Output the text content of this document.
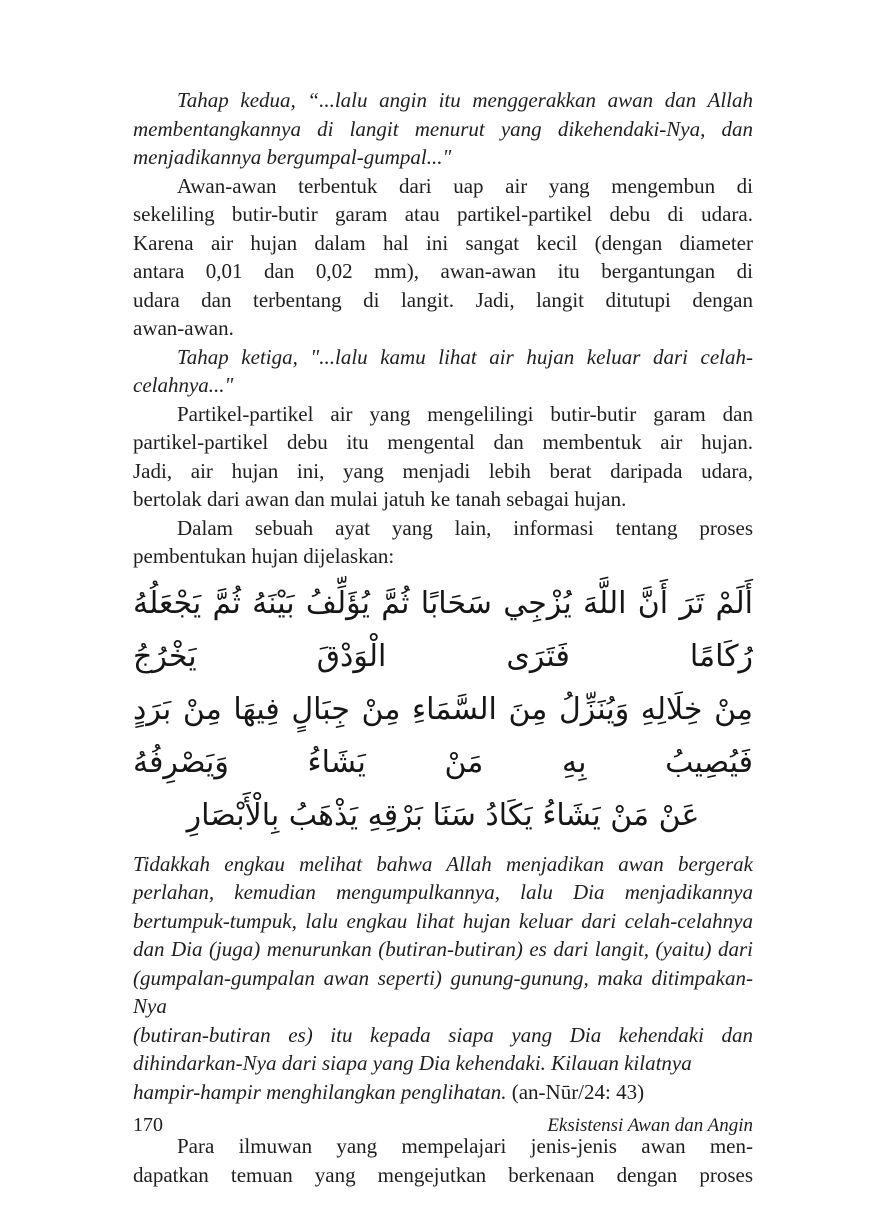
Tahap kedua, “...lalu angin itu menggerakkan awan dan Allah
membentangkannya di langit menurut yang dikehendaki-Nya, dan
menjadikannya bergumpal-gumpal..."
Awan-awan terbentuk dari uap air yang mengembun di
sekeliling butir-butir garam atau partikel-partikel debu di udara.
Karena air hujan dalam hal ini sangat kecil (dengan diameter
antara 0,01 dan 0,02 mm), awan-awan itu bergantungan di
udara dan terbentang di langit. Jadi, langit ditutupi dengan
awan-awan.
Tahap ketiga, "...lalu kamu lihat air hujan keluar dari celah-
celahnya..."
Partikel-partikel air yang mengelilingi butir-butir garam dan
partikel-partikel debu itu mengental dan membentuk air hujan.
Jadi, air hujan ini, yang menjadi lebih berat daripada udara,
bertolak dari awan dan mulai jatuh ke tanah sebagai hujan.
Dalam sebuah ayat yang lain, informasi tentang proses
pembentukan hujan dijelaskan:
أَلَمْ تَرَ أَنَّ اللَّهَ يُزْجِي سَحَابًا ثُمَّ يُؤَلِّفُ بَيْنَهُ ثُمَّ يَجْعَلُهُ رُكَامًا فَتَرَى الْوَدْقَ يَخْرُجُ
مِنْ خِلَالِهِ وَيُنَزِّلُ مِنَ السَّمَاءِ مِنْ جِبَالٍ فِيهَا مِنْ بَرَدٍ فَيُصِيبُ بِهِ مَنْ يَشَاءُ وَيَصْرِفُهُ
عَنْ مَنْ يَشَاءُ يَكَادُ سَنَا بَرْقِهِ يَذْهَبُ بِالْأَبْصَارِ
Tidakkah engkau melihat bahwa Allah menjadikan awan bergerak
perlahan, kemudian mengumpulkannya, lalu Dia menjadikannya
bertumpuk-tumpuk, lalu engkau lihat hujan keluar dari celah-celahnya
dan Dia (juga) menurunkan (butiran-butiran) es dari langit, (yaitu) dari
(gumpalan-gumpalan awan seperti) gunung-gunung, maka ditimpakan-Nya
(butiran-butiran es) itu kepada siapa yang Dia kehendaki dan
dihindarkan-Nya dari siapa yang Dia kehendaki. Kilauan kilatnya
hampir-hampir menghilangkan penglihatan. (an-Nūr/24: 43)
Para ilmuwan yang mempelajari jenis-jenis awan men-
dapatkan temuan yang mengejutkan berkenaan dengan proses
170	Eksistensi Awan dan Angin
